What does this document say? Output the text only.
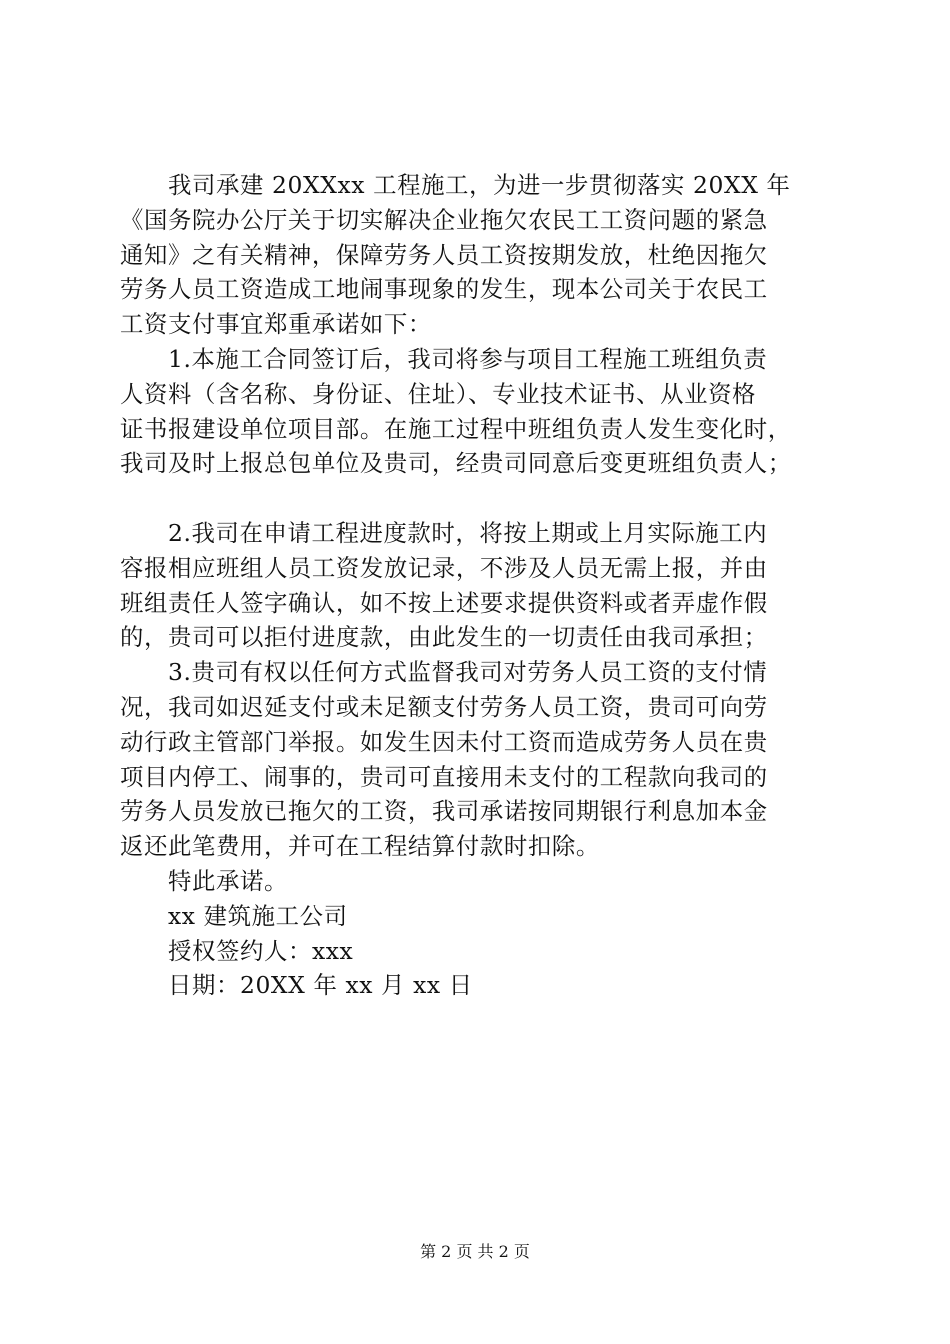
我司承建 20XXxx 工程施工，为进一步贯彻落实 20XX 年
《国务院办公厅关于切实解决企业拖欠农民工工资问题的紧急
通知》之有关精神，保障劳务人员工资按期发放，杜绝因拖欠
劳务人员工资造成工地闹事现象的发生，现本公司关于农民工
工资支付事宜郑重承诺如下：
1.本施工合同签订后，我司将参与项目工程施工班组负责
人资料（含名称、身份证、住址）、专业技术证书、从业资格
证书报建设单位项目部。在施工过程中班组负责人发生变化时，
我司及时上报总包单位及贵司，经贵司同意后变更班组负责人；
2.我司在申请工程进度款时，将按上期或上月实际施工内
容报相应班组人员工资发放记录，不涉及人员无需上报，并由
班组责任人签字确认，如不按上述要求提供资料或者弄虚作假
的，贵司可以拒付进度款，由此发生的一切责任由我司承担；
3.贵司有权以任何方式监督我司对劳务人员工资的支付情
况，我司如迟延支付或未足额支付劳务人员工资，贵司可向劳
动行政主管部门举报。如发生因未付工资而造成劳务人员在贵
项目内停工、闹事的，贵司可直接用未支付的工程款向我司的
劳务人员发放已拖欠的工资，我司承诺按同期银行利息加本金
返还此笔费用，并可在工程结算付款时扣除。
特此承诺。
xx 建筑施工公司
授权签约人：xxx
日期：20XX 年 xx 月 xx 日
第 2 页 共 2 页
